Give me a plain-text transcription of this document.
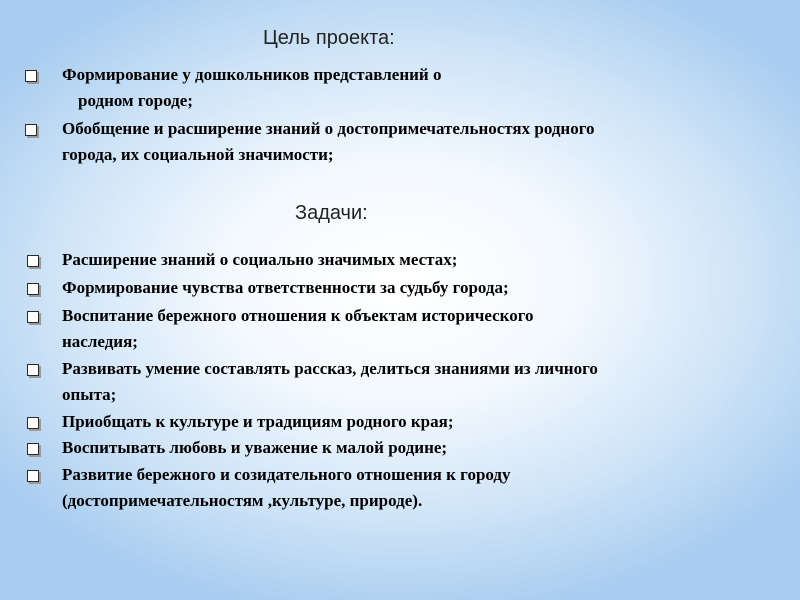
Цель проекта:
Формирование у дошкольников представлений о
родном городе;
Обобщение и расширение знаний о достопримечательностях родного
города, их социальной значимости;
Задачи:
Расширение знаний о социально значимых местах;
Формирование чувства ответственности за судьбу города;
Воспитание бережного отношения к объектам исторического
наследия;
Развивать умение составлять рассказ, делиться знаниями из личного
опыта;
Приобщать к культуре и традициям родного края;
Воспитывать любовь и уважение к малой родине;
Развитие бережного и созидательного отношения к городу
(достопримечательностям ,культуре, природе).
